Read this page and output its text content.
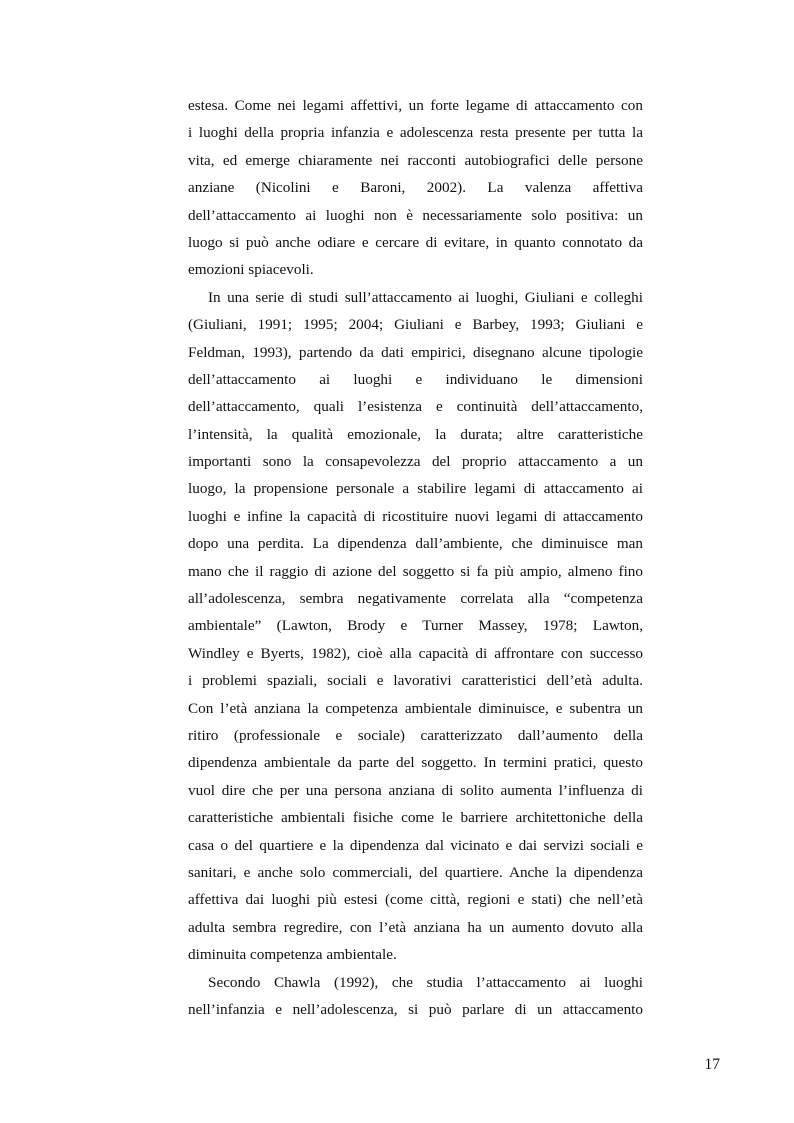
estesa. Come nei legami affettivi, un forte legame di attaccamento con
i luoghi della propria infanzia e adolescenza resta presente per tutta la
vita, ed emerge chiaramente nei racconti autobiografici delle persone
anziane (Nicolini e Baroni, 2002). La valenza affettiva
dell’attaccamento ai luoghi non è necessariamente solo positiva: un
luogo si può anche odiare e cercare di evitare, in quanto connotato da
emozioni spiacevoli.
In una serie di studi sull’attaccamento ai luoghi, Giuliani e colleghi
(Giuliani, 1991; 1995; 2004; Giuliani e Barbey, 1993; Giuliani e
Feldman, 1993), partendo da dati empirici, disegnano alcune tipologie
dell’attaccamento ai luoghi e individuano le dimensioni
dell’attaccamento, quali l’esistenza e continuità dell’attaccamento,
l’intensità, la qualità emozionale, la durata; altre caratteristiche
importanti sono la consapevolezza del proprio attaccamento a un
luogo, la propensione personale a stabilire legami di attaccamento ai
luoghi e infine la capacità di ricostituire nuovi legami di attaccamento
dopo una perdita. La dipendenza dall’ambiente, che diminuisce man
mano che il raggio di azione del soggetto si fa più ampio, almeno fino
all’adolescenza, sembra negativamente correlata alla “competenza
ambientale” (Lawton, Brody e Turner Massey, 1978; Lawton,
Windley e Byerts, 1982), cioè alla capacità di affrontare con successo
i problemi spaziali, sociali e lavorativi caratteristici dell’età adulta.
Con l’età anziana la competenza ambientale diminuisce, e subentra un
ritiro (professionale e sociale) caratterizzato dall’aumento della
dipendenza ambientale da parte del soggetto. In termini pratici, questo
vuol dire che per una persona anziana di solito aumenta l’influenza di
caratteristiche ambientali fisiche come le barriere architettoniche della
casa o del quartiere e la dipendenza dal vicinato e dai servizi sociali e
sanitari, e anche solo commerciali, del quartiere. Anche la dipendenza
affettiva dai luoghi più estesi (come città, regioni e stati) che nell’età
adulta sembra regredire, con l’età anziana ha un aumento dovuto alla
diminuita competenza ambientale.
Secondo Chawla (1992), che studia l’attaccamento ai luoghi
nell’infanzia e nell’adolescenza, si può parlare di un attaccamento
17
